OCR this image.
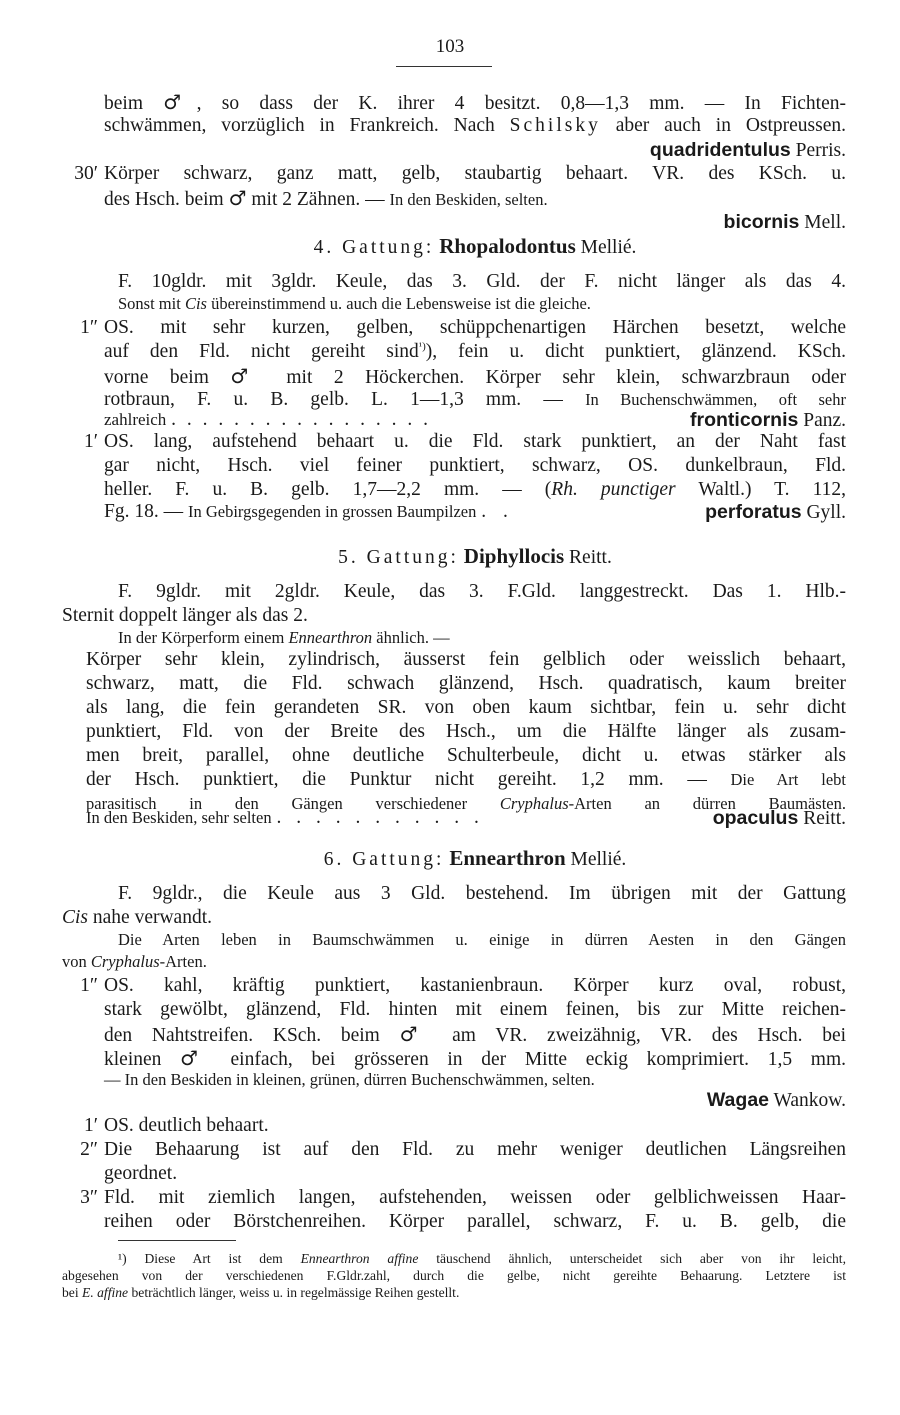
103
beim ♂, so dass der K. ihrer 4 besitzt. 0,8—1,3 mm. — In Fichten-
schwämmen, vorzüglich in Frankreich. Nach Schilsky aber auch in Ostpreussen.
quadridentulus Perris.
30′ Körper schwarz, ganz matt, gelb, staubartig behaart. VR. des KSch. u.
des Hsch. beim ♂ mit 2 Zähnen. — In den Beskiden, selten.
bicornis Mell.
4. Gattung: Rhopalodontus Mellié.
F. 10gldr. mit 3gldr. Keule, das 3. Gld. der F. nicht länger als das 4.
Sonst mit Cis übereinstimmend u. auch die Lebensweise ist die gleiche.
1″ OS. mit sehr kurzen, gelben, schüppchenartigen Härchen besetzt, welche
auf den Fld. nicht gereiht sind$^{^1)}$), fein u. dicht punktiert, glänzend. KSch.
vorne beim ♂ mit 2 Höckerchen. Körper sehr klein, schwarzbraun oder
rotbraun, F. u. B. gelb. L. 1—1,3 mm. — In Buchenschwämmen, oft sehr
zahlreich . . . . . . . . . . . . . . . . .	fronticornis Panz.
1′ OS. lang, aufstehend behaart u. die Fld. stark punktiert, an der Naht fast
gar nicht, Hsch. viel feiner punktiert, schwarz, OS. dunkelbraun, Fld.
heller. F. u. B. gelb. 1,7—2,2 mm. — (Rh. punctiger Waltl.) T. 112,
Fg. 18. — In Gebirgsgegenden in grossen Baumpilzen . .	perforatus Gyll.
5. Gattung: Diphyllocis Reitt.
F. 9gldr. mit 2gldr. Keule, das 3. F.Gld. langgestreckt. Das 1. Hlb.-
Sternit doppelt länger als das 2.
In der Körperform einem Ennearthron ähnlich. —
Körper sehr klein, zylindrisch, äusserst fein gelblich oder weisslich behaart,
schwarz, matt, die Fld. schwach glänzend, Hsch. quadratisch, kaum breiter
als lang, die fein gerandeten SR. von oben kaum sichtbar, fein u. sehr dicht
punktiert, Fld. von der Breite des Hsch., um die Hälfte länger als zusam-
men breit, parallel, ohne deutliche Schulterbeule, dicht u. etwas stärker als
der Hsch. punktiert, die Punktur nicht gereiht. 1,2 mm. — Die Art lebt
parasitisch in den Gängen verschiedener Cryphalus-Arten an dürren Baumästen.
In den Beskiden, sehr selten . . . . . . . . . . .	opaculus Reitt.
6. Gattung: Ennearthron Mellié.
F. 9gldr., die Keule aus 3 Gld. bestehend. Im übrigen mit der Gattung
Cis nahe verwandt.
Die Arten leben in Baumschwämmen u. einige in dürren Aesten in den Gängen
von Cryphalus-Arten.
1″ OS. kahl, kräftig punktiert, kastanienbraun. Körper kurz oval, robust,
stark gewölbt, glänzend, Fld. hinten mit einem feinen, bis zur Mitte reichen-
den Nahtstreifen. KSch. beim ♂ am VR. zweizähnig, VR. des Hsch. bei
kleinen ♂ einfach, bei grösseren in der Mitte eckig komprimiert. 1,5 mm.
— In den Beskiden in kleinen, grünen, dürren Buchenschwämmen, selten.
Wagae Wankow.
1′ OS. deutlich behaart.
2″ Die Behaarung ist auf den Fld. zu mehr weniger deutlichen Längsreihen
geordnet.
3″ Fld. mit ziemlich langen, aufstehenden, weissen oder gelblichweissen Haar-
reihen oder Börstchenreihen. Körper parallel, schwarz, F. u. B. gelb, die
¹) Diese Art ist dem Ennearthron affine täuschend ähnlich, unterscheidet sich aber von ihr leicht,
abgesehen von der verschiedenen F.Gldr.zahl, durch die gelbe, nicht gereihte Behaarung. Letztere ist
bei E. affine beträchtlich länger, weiss u. in regelmässige Reihen gestellt.
